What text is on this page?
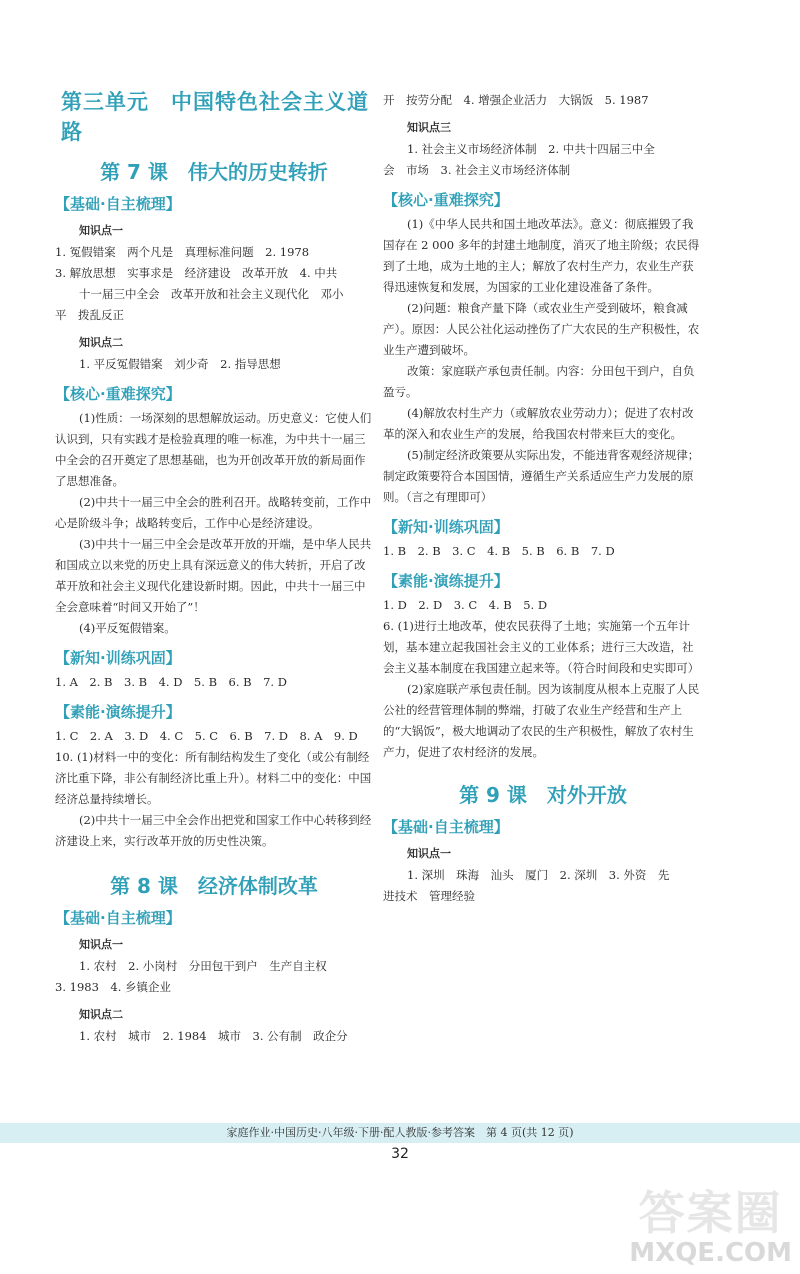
第三单元　中国特色社会主义道路
第 7 课　伟大的历史转折
【基础·自主梳理】
知识点一

1. 冤假错案　两个凡是　真理标准问题　2. 1978

3. 解放思想　实事求是　经济建设　改革开放　4. 中共

十一届三中全会　改革开放和社会主义现代化　邓小

平　拨乱反正

知识点二

1. 平反冤假错案　刘少奇　2. 指导思想

【核心·重难探究】

(1)性质：一场深刻的思想解放运动。历史意义：它使人们认识到，只有实践才是检验真理的唯一标准，为中共十一届三中全会的召开奠定了思想基础，也为开创改革开放的新局面作了思想准备。

(2)中共十一届三中全会的胜利召开。战略转变前，工作中心是阶级斗争；战略转变后，工作中心是经济建设。

(3)中共十一届三中全会是改革开放的开端，是中华人民共和国成立以来党的历史上具有深远意义的伟大转折，开启了改革开放和社会主义现代化建设新时期。因此，中共十一届三中全会意味着“时间又开始了”！

(4)平反冤假错案。

【新知·训练巩固】

1. A　2. B　3. B　4. D　5. B　6. B　7. D

【素能·演练提升】

1. C　2. A　3. D　4. C　5. C　6. B　7. D　8. A　9. D

10. (1)材料一中的变化：所有制结构发生了变化（或公有制经济比重下降，非公有制经济比重上升）。材料二中的变化：中国经济总量持续增长。

(2)中共十一届三中全会作出把党和国家工作中心转移到经济建设上来，实行改革开放的历史性决策。

第 8 课　经济体制改革
【基础·自主梳理】
知识点一

1. 农村　2. 小岗村　分田包干到户　生产自主权

3. 1983　4. 乡镇企业

知识点二

1. 农村　城市　2. 1984　城市　3. 公有制　政企分

开　按劳分配　4. 增强企业活力　大锅饭　5. 1987

知识点三

1. 社会主义市场经济体制　2. 中共十四届三中全

会　市场　3. 社会主义市场经济体制

【核心·重难探究】

(1)《中华人民共和国土地改革法》。意义：彻底摧毁了我国存在 2 000 多年的封建土地制度，消灭了地主阶级；农民得到了土地，成为土地的主人；解放了农村生产力，农业生产获得迅速恢复和发展，为国家的工业化建设准备了条件。

(2)问题：粮食产量下降（或农业生产受到破坏，粮食减产）。原因：人民公社化运动挫伤了广大农民的生产积极性，农业生产遭到破坏。

改策：家庭联产承包责任制。内容：分田包干到户，自负盈亏。

(4)解放农村生产力（或解放农业劳动力）；促进了农村改革的深入和农业生产的发展，给我国农村带来巨大的变化。

(5)制定经济政策要从实际出发，不能违背客观经济规律；制定政策要符合本国国情，遵循生产关系适应生产力发展的原则。（言之有理即可）

【新知·训练巩固】

1. B　2. B　3. C　4. B　5. B　6. B　7. D

【素能·演练提升】

1. D　2. D　3. C　4. B　5. D

6. (1)进行土地改革，使农民获得了土地；实施第一个五年计划，基本建立起我国社会主义的工业体系；进行三大改造，社会主义基本制度在我国建立起来等。（符合时间段和史实即可）

(2)家庭联产承包责任制。因为该制度从根本上克服了人民公社的经营管理体制的弊端，打破了农业生产经营和生产上的“大锅饭”，极大地调动了农民的生产积极性，解放了农村生产力，促进了农村经济的发展。

第 9 课　对外开放
【基础·自主梳理】
知识点一

1. 深圳　珠海　汕头　厦门　2. 深圳　3. 外资　先

进技术　管理经验

家庭作业·中国历史·八年级·下册·配人教版·参考答案　第 4 页(共 12 页)
32
答案圈
MXQE.COM
